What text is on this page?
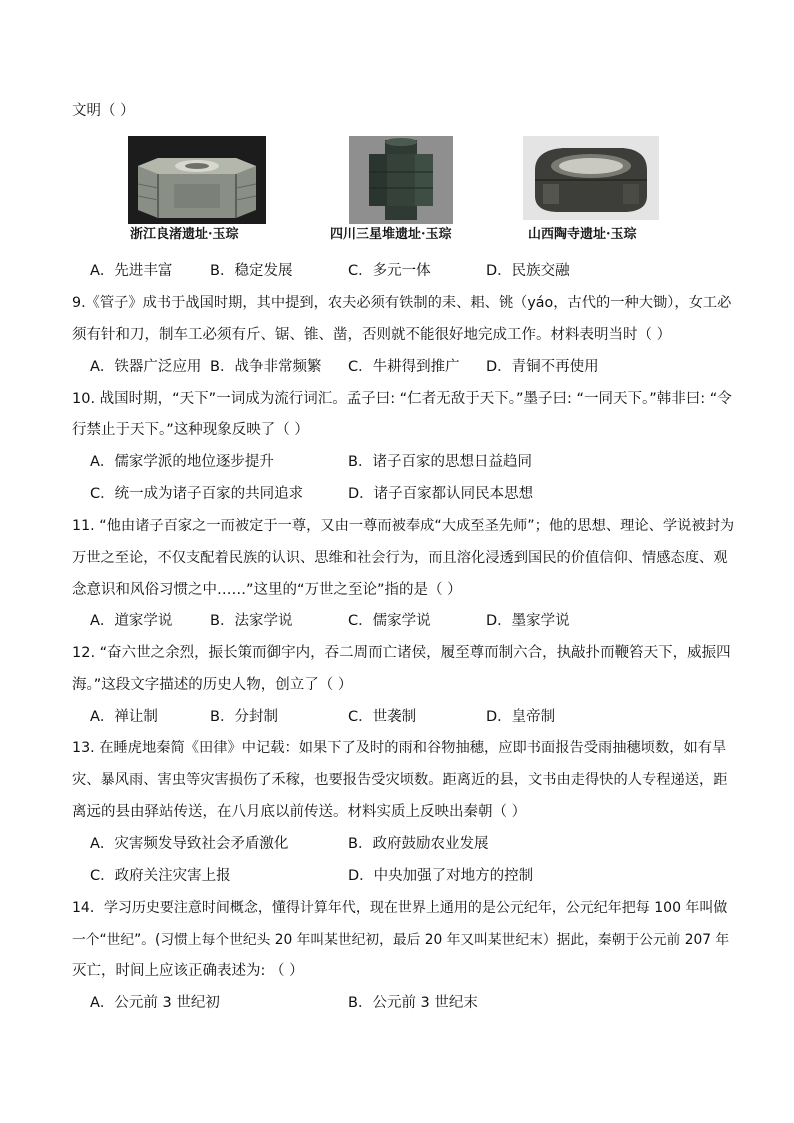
文明（ ）
浙江良渚遗址·玉琮	四川三星堆遗址·玉琮	山西陶寺遗址·玉琮
A．先进丰富	B．稳定发展	C．多元一体	D．民族交融
9.《管子》成书于战国时期，其中提到，农夫必须有铁制的耒、耜、铫（yáo，古代的一种大锄），女工必
须有针和刀，制车工必须有斤、锯、锥、凿，否则就不能很好地完成工作。材料表明当时（ ）
A．铁器广泛应用 B．战争非常频繁 C．牛耕得到推广 D．青铜不再使用
10. 战国时期，“天下”一词成为流行词汇。孟子曰: “仁者无敌于天下。”墨子曰: “一同天下。”韩非曰: “令
行禁止于天下。”这种现象反映了（ ）
A．儒家学派的地位逐步提升	B．诸子百家的思想日益趋同
C．统一成为诸子百家的共同追求	D．诸子百家都认同民本思想
11. “他由诸子百家之一而被定于一尊，又由一尊而被奉成“大成至圣先师”；他的思想、理论、学说被封为
万世之至论，不仅支配着民族的认识、思维和社会行为，而且溶化浸透到国民的价值信仰、情感态度、观
念意识和风俗习惯之中……”这里的“万世之至论”指的是（ ）
A．道家学说	B．法家学说	C．儒家学说	D．墨家学说
12. “奋六世之余烈，振长策而御宇内，吞二周而亡诸侯，履至尊而制六合，执敲扑而鞭笞天下，威振四
海。”这段文字描述的历史人物，创立了（ ）
A．禅让制	B．分封制	C．世袭制	D．皇帝制
13. 在睡虎地秦简《田律》中记载：如果下了及时的雨和谷物抽穗，应即书面报告受雨抽穗顷数，如有旱
灾、暴风雨、害虫等灾害损伤了禾稼，也要报告受灾顷数。距离近的县，文书由走得快的人专程递送，距
离远的县由驿站传送，在八月底以前传送。材料实质上反映出秦朝（ ）
A．灾害频发导致社会矛盾激化	B．政府鼓励农业发展
C．政府关注灾害上报	D．中央加强了对地方的控制
14．学习历史要注意时间概念，懂得计算年代，现在世界上通用的是公元纪年，公元纪年把每 100 年叫做
一个“世纪”。(习惯上每个世纪头 20 年叫某世纪初，最后 20 年又叫某世纪末）据此，秦朝于公元前 207 年
灭亡，时间上应该正确表述为: （ ）
A．公元前 3 世纪初	B．公元前 3 世纪末
